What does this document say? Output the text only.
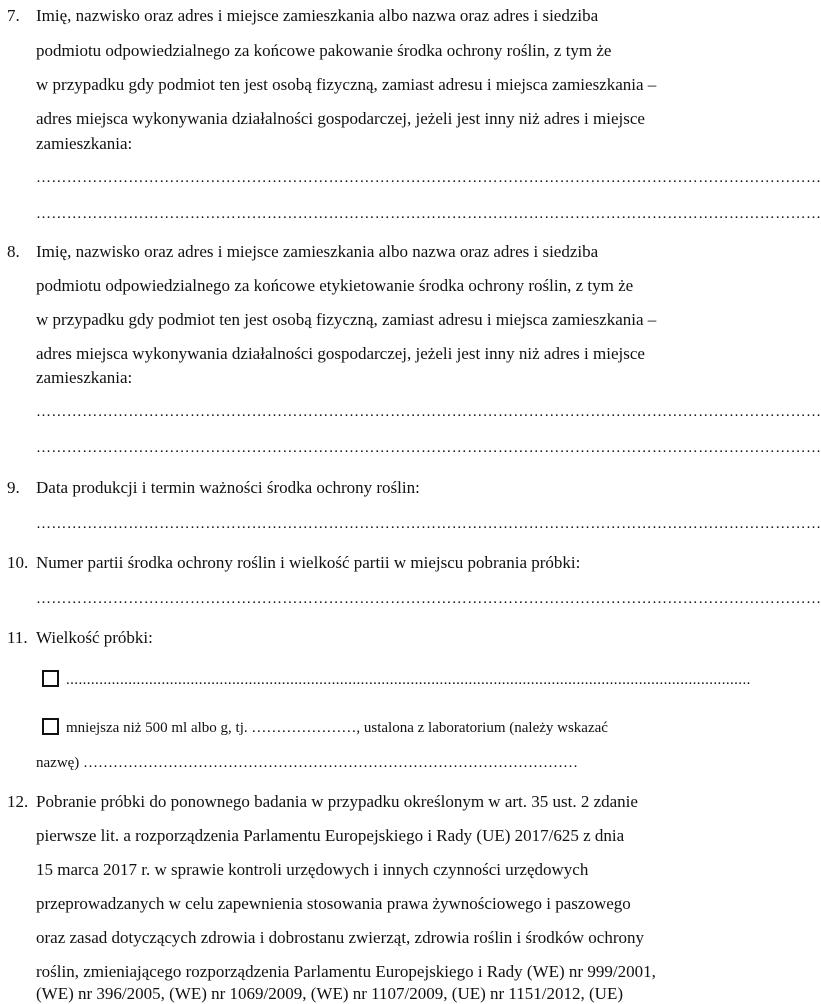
7. Imię, nazwisko oraz adres i miejsce zamieszkania albo nazwa oraz adres i siedziba
podmiotu odpowiedzialnego za końcowe pakowanie środka ochrony roślin, z tym że
w przypadku gdy podmiot ten jest osobą fizyczną, zamiast adresu i miejsca zamieszkania –
adres miejsca wykonywania działalności gospodarczej, jeżeli jest inny niż adres i miejsce
zamieszkania:
………………………………………………………………………………………………………………………………………
………………………………………………………………………………………………………………………………………
8. Imię, nazwisko oraz adres i miejsce zamieszkania albo nazwa oraz adres i siedziba
podmiotu odpowiedzialnego za końcowe etykietowanie środka ochrony roślin, z tym że
w przypadku gdy podmiot ten jest osobą fizyczną, zamiast adresu i miejsca zamieszkania –
adres miejsca wykonywania działalności gospodarczej, jeżeli jest inny niż adres i miejsce
zamieszkania:
………………………………………………………………………………………………………………………………………
………………………………………………………………………………………………………………………………………
9. Data produkcji i termin ważności środka ochrony roślin:
………………………………………………………………………………………………………………………………………
10. Numer partii środka ochrony roślin i wielkość partii w miejscu pobrania próbki:
………………………………………………………………………………………………………………………………………
11. Wielkość próbki:
.....................................................................................................................................................................
mniejsza niż 500 ml albo g, tj. …………………, ustalona z laboratorium (należy wskazać
nazwę) ………………………………………………………………………………………
12. Pobranie próbki do ponownego badania w przypadku określonym w art. 35 ust. 2 zdanie
pierwsze lit. a rozporządzenia Parlamentu Europejskiego i Rady (UE) 2017/625 z dnia
15 marca 2017 r. w sprawie kontroli urzędowych i innych czynności urzędowych
przeprowadzanych w celu zapewnienia stosowania prawa żywnościowego i paszowego
oraz zasad dotyczących zdrowia i dobrostanu zwierząt, zdrowia roślin i środków ochrony
roślin, zmieniającego rozporządzenia Parlamentu Europejskiego i Rady (WE) nr 999/2001,
(WE) nr 396/2005, (WE) nr 1069/2009, (WE) nr 1107/2009, (UE) nr 1151/2012, (UE)
